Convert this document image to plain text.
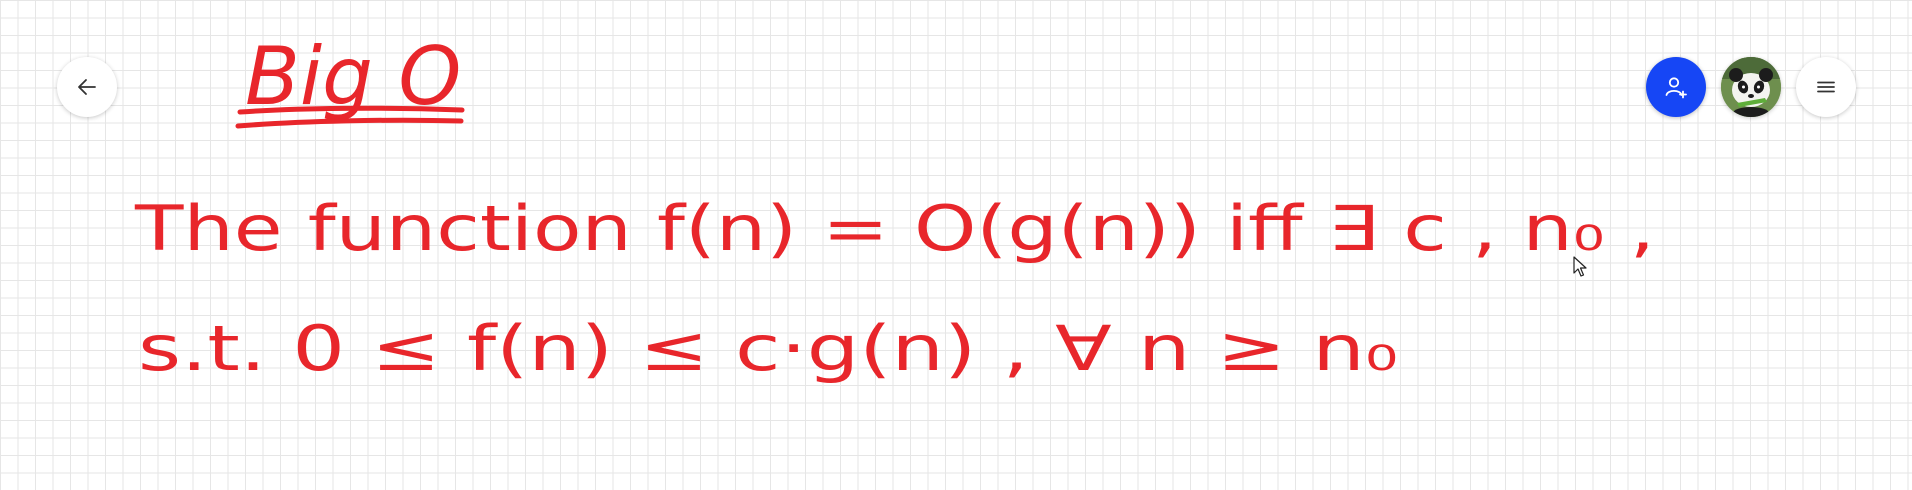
Big O
The function f(n) = O(g(n)) iff ∃ c , n₀ ,
s.t. 0 ≤ f(n) ≤ c·g(n) , ∀ n ≥ n₀
